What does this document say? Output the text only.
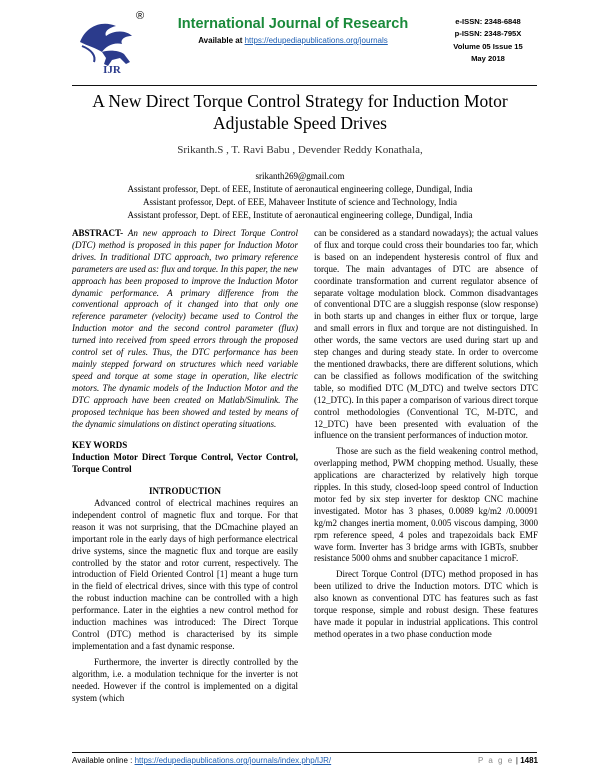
IJR
®	International Journal of Research
Available at https://edupediapublications.org/journals
e-ISSN: 2348-6848
p-ISSN: 2348-795X
Volume 05 Issue 15
May 2018
A New Direct Torque Control Strategy for Induction Motor
Adjustable Speed Drives
Srikanth.S , T. Ravi Babu , Devender Reddy Konathala,
srikanth269@gmail.com
Assistant professor, Dept. of EEE, Institute of aeronautical engineering college, Dundigal, India
Assistant professor, Dept. of EEE, Mahaveer Institute of science and Technology, India
Assistant professor, Dept. of EEE, Institute of aeronautical engineering college, Dundigal, India

ABSTRACT- An new approach to Direct Torque Control (DTC) method is proposed in this paper for Induction Motor drives. In traditional DTC approach, two primary reference parameters are used as: flux and torque. In this paper, the new approach has been proposed to improve the Induction Motor dynamic performance. A primary difference from the conventional approach of it changed into that only one reference parameter (velocity) became used to Control the Induction motor and the second control parameter (flux) turned into received from speed errors through the proposed control set of rules. Thus, the DTC performance has been mainly stepped forward on structures which need variable speed and torque at some stage in operation, like electric motors. The dynamic models of the Induction Motor and the DTC approach have been created on Matlab/Simulink. The proposed technique has been showed and tested by means of the dynamic simulations on distinct operating situations.

KEY WORDS

Induction Motor Direct Torque Control, Vector Control, Torque Control

INTRODUCTION

Advanced control of electrical machines requires an independent control of magnetic flux and torque. For that reason it was not surprising, that the DCmachine played an important role in the early days of high performance electrical drive systems, since the magnetic flux and torque are easily controlled by the stator and rotor current, respectively. The introduction of Field Oriented Control [1] meant a huge turn in the field of electrical drives, since with this type of control the robust induction machine can be controlled with a high performance. Later in the eighties a new control method for induction machines was introduced: The Direct Torque Control (DTC) method is characterised by its simple implementation and a fast dynamic response.

Furthermore, the inverter is directly controlled by the algorithm, i.e. a modulation technique for the inverter is not needed. However if the control is implemented on a digital system (which

can be considered as a standard nowadays); the actual values of flux and torque could cross their boundaries too far, which is based on an independent hysteresis control of flux and torque. The main advantages of DTC are absence of coordinate transformation and current regulator absence of separate voltage modulation block. Common disadvantages of conventional DTC are a sluggish response (slow response) in both starts up and changes in either flux or torque, large and small errors in flux and torque are not distinguished. In other words, the same vectors are used during start up and step changes and during steady state. In order to overcome the mentioned drawbacks, there are different solutions, which can be classified as follows modification of the switching table, so modified DTC (M_DTC) and twelve sectors DTC (12_DTC). In this paper a comparison of various direct torque control methodologies (Conventional TC, M-DTC, and 12_DTC) have been presented with evaluation of the influence on the transient performances of induction motor.

Those are such as the field weakening control method, overlapping method, PWM chopping method. Usually, these applications are characterized by relatively high torque ripples. In this study, closed-loop speed control of Induction motor fed by six step inverter for desktop CNC machine investigated. Motor has 3 phases, 0.0089 kg/m2 /0.00091 kg/m2 changes inertia moment, 0.005 viscous damping, 3000 rpm reference speed, 4 poles and trapezoidals back EMF wave form. Inverter has 3 bridge arms with IGBTs, snubber resistance 5000 ohms and snubber capacitance 1 microF.

Direct Torque Control (DTC) method proposed in has been utilized to drive the Induction motors. DTC which is also known as conventional DTC has features such as fast torque response, simple and robust design. These features have made it popular in industrial applications. This control method operates in a two phase conduction mode

Available online : https://edupediapublications.org/journals/index.php/IJR/	P a g e | 1481
